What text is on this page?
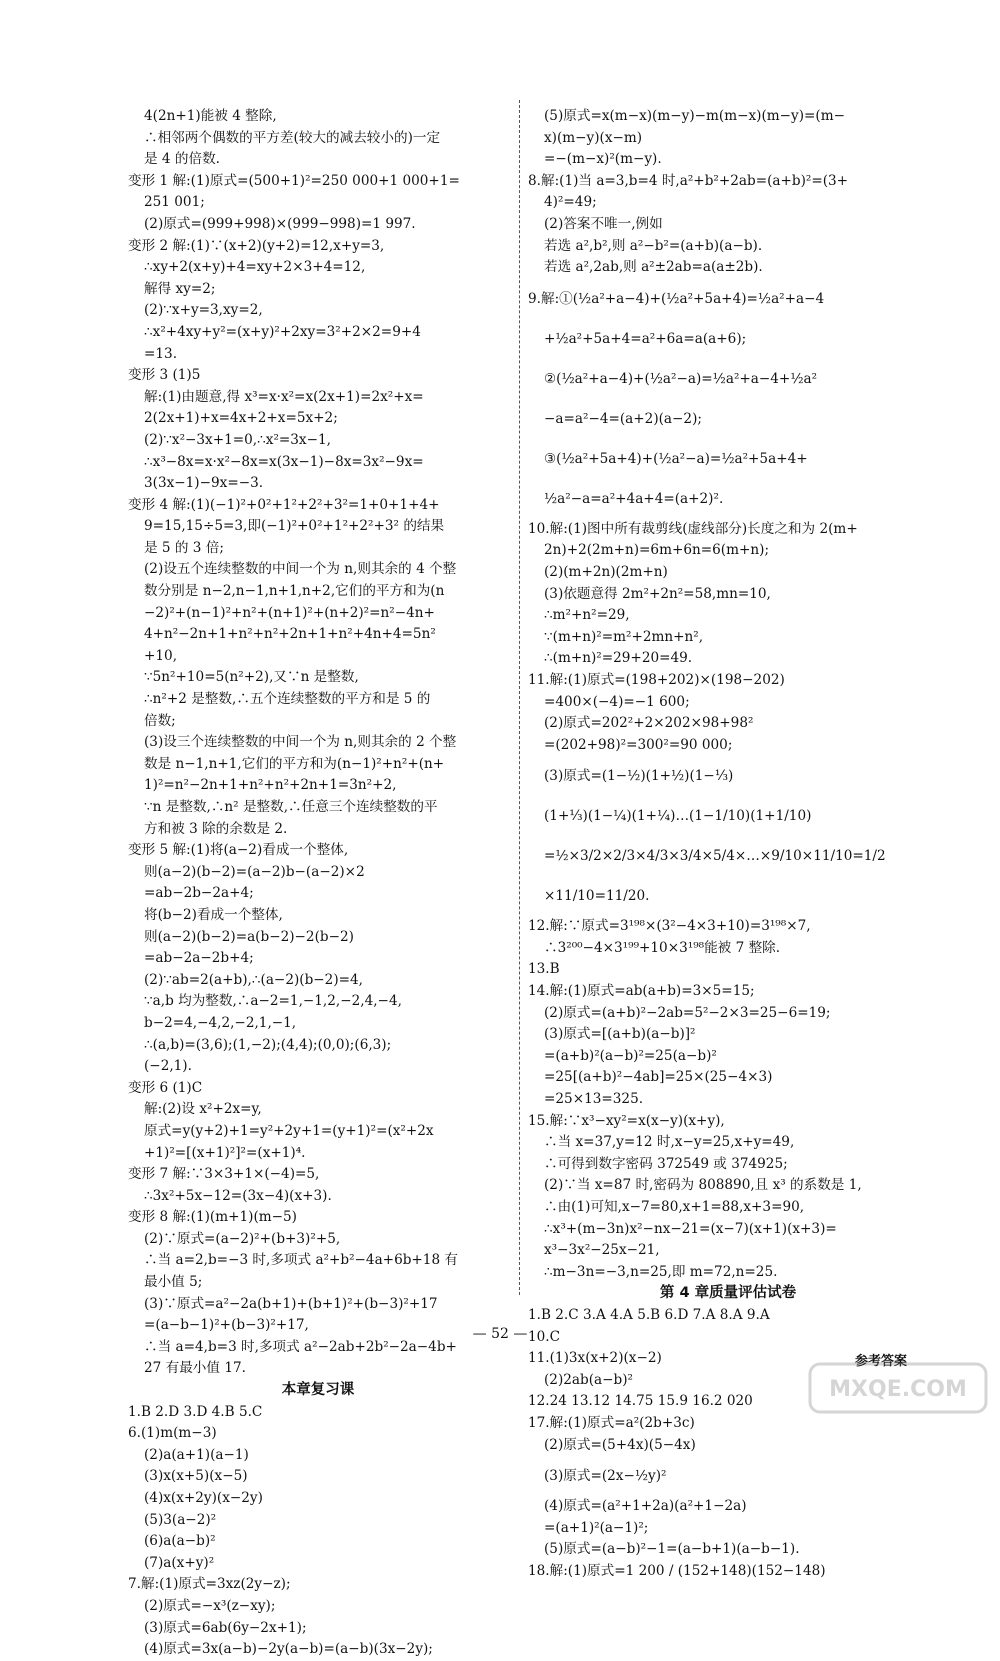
4(2n+1)能被 4 整除,
∴相邻两个偶数的平方差(较大的减去较小的)一定
是 4 的倍数.
变形 1 解:(1)原式=(500+1)²=250 000+1 000+1=
251 001;
(2)原式=(999+998)×(999−998)=1 997.
变形 2 解:(1)∵(x+2)(y+2)=12,x+y=3,
∴xy+2(x+y)+4=xy+2×3+4=12,
解得 xy=2;
(2)∵x+y=3,xy=2,
∴x²+4xy+y²=(x+y)²+2xy=3²+2×2=9+4
=13.
变形 3 (1)5
解:(1)由题意,得 x³=x·x²=x(2x+1)=2x²+x=
2(2x+1)+x=4x+2+x=5x+2;
(2)∵x²−3x+1=0,∴x²=3x−1,
∴x³−8x=x·x²−8x=x(3x−1)−8x=3x²−9x=
3(3x−1)−9x=−3.
变形 4 解:(1)(−1)²+0²+1²+2²+3²=1+0+1+4+
9=15,15÷5=3,即(−1)²+0²+1²+2²+3² 的结果
是 5 的 3 倍;
(2)设五个连续整数的中间一个为 n,则其余的 4 个整
数分别是 n−2,n−1,n+1,n+2,它们的平方和为(n
−2)²+(n−1)²+n²+(n+1)²+(n+2)²=n²−4n+
4+n²−2n+1+n²+n²+2n+1+n²+4n+4=5n²
+10,
∵5n²+10=5(n²+2),又∵n 是整数,
∴n²+2 是整数,∴五个连续整数的平方和是 5 的
倍数;
(3)设三个连续整数的中间一个为 n,则其余的 2 个整
数是 n−1,n+1,它们的平方和为(n−1)²+n²+(n+
1)²=n²−2n+1+n²+n²+2n+1=3n²+2,
∵n 是整数,∴n² 是整数,∴任意三个连续整数的平
方和被 3 除的余数是 2.
变形 5 解:(1)将(a−2)看成一个整体,
则(a−2)(b−2)=(a−2)b−(a−2)×2
=ab−2b−2a+4;
将(b−2)看成一个整体,
则(a−2)(b−2)=a(b−2)−2(b−2)
=ab−2a−2b+4;
(2)∵ab=2(a+b),∴(a−2)(b−2)=4,
∵a,b 均为整数,∴a−2=1,−1,2,−2,4,−4,
b−2=4,−4,2,−2,1,−1,
∴(a,b)=(3,6);(1,−2);(4,4);(0,0);(6,3);
(−2,1).
变形 6 (1)C
解:(2)设 x²+2x=y,
原式=y(y+2)+1=y²+2y+1=(y+1)²=(x²+2x
+1)²=[(x+1)²]²=(x+1)⁴.
变形 7 解:∵3×3+1×(−4)=5,
∴3x²+5x−12=(3x−4)(x+3).
变形 8 解:(1)(m+1)(m−5)
(2)∵原式=(a−2)²+(b+3)²+5,
∴当 a=2,b=−3 时,多项式 a²+b²−4a+6b+18 有
最小值 5;
(3)∵原式=a²−2a(b+1)+(b+1)²+(b−3)²+17
=(a−b−1)²+(b−3)²+17,
∴当 a=4,b=3 时,多项式 a²−2ab+2b²−2a−4b+
27 有最小值 17.
本章复习课
1.B 2.D 3.D 4.B 5.C
6.(1)m(m−3)
(2)a(a+1)(a−1)
(3)x(x+5)(x−5)
(4)x(x+2y)(x−2y)
(5)3(a−2)²
(6)a(a−b)²
(7)a(x+y)²
7.解:(1)原式=3xz(2y−z);
(2)原式=−x³(z−xy);
(3)原式=6ab(6y−2x+1);
(4)原式=3x(a−b)−2y(a−b)=(a−b)(3x−2y);
(5)原式=x(m−x)(m−y)−m(m−x)(m−y)=(m−
x)(m−y)(x−m)
=−(m−x)²(m−y).
8.解:(1)当 a=3,b=4 时,a²+b²+2ab=(a+b)²=(3+
4)²=49;
(2)答案不唯一,例如
若选 a²,b²,则 a²−b²=(a+b)(a−b).
若选 a²,2ab,则 a²±2ab=a(a±2b).
9.解:①(½a²+a−4)+(½a²+5a+4)=½a²+a−4
+½a²+5a+4=a²+6a=a(a+6);
②(½a²+a−4)+(½a²−a)=½a²+a−4+½a²
−a=a²−4=(a+2)(a−2);
③(½a²+5a+4)+(½a²−a)=½a²+5a+4+
½a²−a=a²+4a+4=(a+2)².
10.解:(1)图中所有裁剪线(虚线部分)长度之和为 2(m+
2n)+2(2m+n)=6m+6n=6(m+n);
(2)(m+2n)(2m+n)
(3)依题意得 2m²+2n²=58,mn=10,
∴m²+n²=29,
∵(m+n)²=m²+2mn+n²,
∴(m+n)²=29+20=49.
11.解:(1)原式=(198+202)×(198−202)
=400×(−4)=−1 600;
(2)原式=202²+2×202×98+98²
=(202+98)²=300²=90 000;
(3)原式=(1−½)(1+½)(1−⅓)
(1+⅓)(1−¼)(1+¼)…(1−1/10)(1+1/10)
=½×3/2×2/3×4/3×3/4×5/4×…×9/10×11/10=1/2
×11/10=11/20.
12.解:∵原式=3¹⁹⁸×(3²−4×3+10)=3¹⁹⁸×7,
∴3²⁰⁰−4×3¹⁹⁹+10×3¹⁹⁸能被 7 整除.
13.B
14.解:(1)原式=ab(a+b)=3×5=15;
(2)原式=(a+b)²−2ab=5²−2×3=25−6=19;
(3)原式=[(a+b)(a−b)]²
=(a+b)²(a−b)²=25(a−b)²
=25[(a+b)²−4ab]=25×(25−4×3)
=25×13=325.
15.解:∵x³−xy²=x(x−y)(x+y),
∴当 x=37,y=12 时,x−y=25,x+y=49,
∴可得到数字密码 372549 或 374925;
(2)∵当 x=87 时,密码为 808890,且 x³ 的系数是 1,
∴由(1)可知,x−7=80,x+1=88,x+3=90,
∴x³+(m−3n)x²−nx−21=(x−7)(x+1)(x+3)=
x³−3x²−25x−21,
∴m−3n=−3,n=25,即 m=72,n=25.
第 4 章质量评估试卷
1.B 2.C 3.A 4.A 5.B 6.D 7.A 8.A 9.A
10.C
11.(1)3x(x+2)(x−2)
(2)2ab(a−b)²
12.24 13.12 14.75 15.9 16.2 020
17.解:(1)原式=a²(2b+3c)
(2)原式=(5+4x)(5−4x)
(3)原式=(2x−½y)²
(4)原式=(a²+1+2a)(a²+1−2a)
=(a+1)²(a−1)²;
(5)原式=(a−b)²−1=(a−b+1)(a−b−1).
18.解:(1)原式=1 200 / (152+148)(152−148)
— 52 —
参考答案
MXQE.COM
